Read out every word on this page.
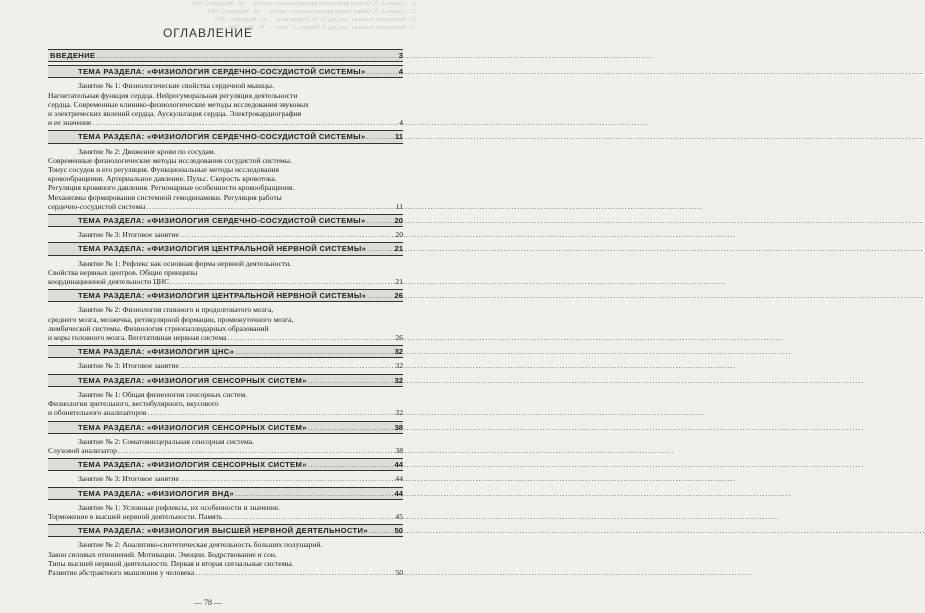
21. Судаков К. В. Основы физиологии функциональных систем. — М.: Медицина, 1983.
22. Судаков К. В. Общая теория функциональных систем. — М.: Медицина, 1984.
23. Физиология человека / под ред. В. М. Покровского. — М.: Медицина, 1997.
24. Физиология человека / под ред. Р. Шмидта, Г. Тевса. — М.: Мир, 1996.
ОГЛАВЛЕНИЕ
ВВЕДЕНИЕ .....	3
ТЕМА РАЗДЕЛА: «ФИЗИОЛОГИЯ СЕРДЕЧНО-СОСУДИСТОЙ СИСТЕМЫ» .....	4
Занятие № 1: Физиологические свойства сердечной мышцы.
Нагнетательная функция сердца. Нейрогуморальная регуляция деятельности
сердца. Современные клинико-физиологические методы исследования звуковых
и электрических явлений сердца. Аускультация сердца. Электрокардиография
и ее значение .....	4
ТЕМА РАЗДЕЛА: «ФИЗИОЛОГИЯ СЕРДЕЧНО-СОСУДИСТОЙ СИСТЕМЫ» .....	11
Занятие № 2: Движение крови по сосудам.
Современные физиологические методы исследования сосудистой системы.
Тонус сосудов и его регуляция. Функциональные методы исследования
кровообращения. Артериальное давление. Пульс. Скорость кровотока.
Регуляция кровяного давления. Регионарные особенности кровообращения.
Механизмы формирования системной гемодинамики. Регуляция работы
сердечно-сосудистой системы .....	11
ТЕМА РАЗДЕЛА: «ФИЗИОЛОГИЯ СЕРДЕЧНО-СОСУДИСТОЙ СИСТЕМЫ» .....	20
Занятие № 3: Итоговое занятие .....	20
ТЕМА РАЗДЕЛА: «ФИЗИОЛОГИЯ ЦЕНТРАЛЬНОЙ НЕРВНОЙ СИСТЕМЫ» .....	21
Занятие № 1: Рефлекс как основная форма нервной деятельности.
Свойства нервных центров. Общие принципы
координационной деятельности ЦНС .....	21
ТЕМА РАЗДЕЛА: «ФИЗИОЛОГИЯ ЦЕНТРАЛЬНОЙ НЕРВНОЙ СИСТЕМЫ» .....	26
Занятие № 2: Физиология спинного и продолговатого мозга,
среднего мозга, мозжечка, ретикулярной формации, промежуточного мозга,
лимбической системы. Физиология стриопаллидарных образований
и коры головного мозга. Вегетативная нервная система .....	26
ТЕМА РАЗДЕЛА: «ФИЗИОЛОГИЯ ЦНС» .....	32
Занятие № 3: Итоговое занятие .....	32
ТЕМА РАЗДЕЛА: «ФИЗИОЛОГИЯ СЕНСОРНЫХ СИСТЕМ» .....	32
Занятие № 1: Общая физиология сенсорных систем.
Физиология зрительного, вестибулярного, вкусового
и обонятельного анализаторов .....	32
ТЕМА РАЗДЕЛА: «ФИЗИОЛОГИЯ СЕНСОРНЫХ СИСТЕМ» .....	38
Занятие № 2: Соматовисцеральная сенсорная система.
Слуховой анализатор .....	38
ТЕМА РАЗДЕЛА: «ФИЗИОЛОГИЯ СЕНСОРНЫХ СИСТЕМ» .....	44
Занятие № 3: Итоговое занятие .....	44
ТЕМА РАЗДЕЛА: «ФИЗИОЛОГИЯ ВНД» .....	44
Занятие № 1: Условные рефлексы, их особенности и значение.
Торможение в высшей нервной деятельности. Память .....	45
ТЕМА РАЗДЕЛА: «ФИЗИОЛОГИЯ ВЫСШЕЙ НЕРВНОЙ ДЕЯТЕЛЬНОСТИ» .....	50
Занятие № 2: Аналитико-синтетическая деятельность больших полушарий.
Закон силовых отношений. Мотивации. Эмоции. Бодрствование и сон.
Типы высшей нервной деятельности. Первая и вторая сигнальные системы.
Развитие абстрактного мышления у человека .....	50
— 78 —
